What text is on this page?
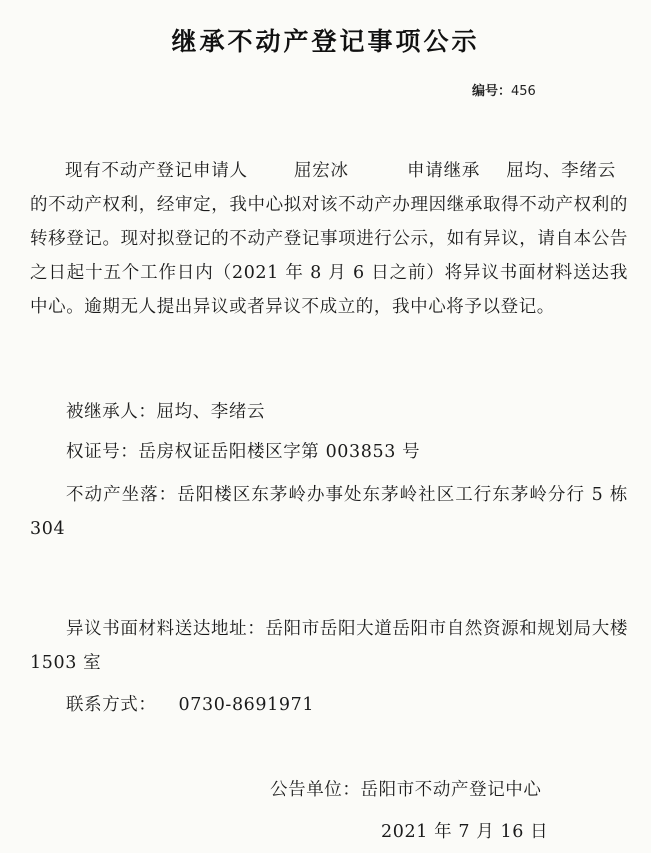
继承不动产登记事项公示
编号：456
现有不动产登记申请人	屈宏冰	申请继承 屈均、李绪云的不动产权利，经审定，我中心拟对该不动产办理因继承取得不动产权利的转移登记。现对拟登记的不动产登记事项进行公示，如有异议，请自本公告之日起十五个工作日内（2021 年 8 月 6 日之前）将异议书面材料送达我中心。逾期无人提出异议或者异议不成立的，我中心将予以登记。
被继承人：屈均、李绪云
权证号：岳房权证岳阳楼区字第 003853 号
不动产坐落：岳阳楼区东茅岭办事处东茅岭社区工行东茅岭分行 5 栋 304
异议书面材料送达地址：岳阳市岳阳大道岳阳市自然资源和规划局大楼 1503 室
联系方式： 0730-8691971
公告单位：岳阳市不动产登记中心
2021 年 7 月 16 日
